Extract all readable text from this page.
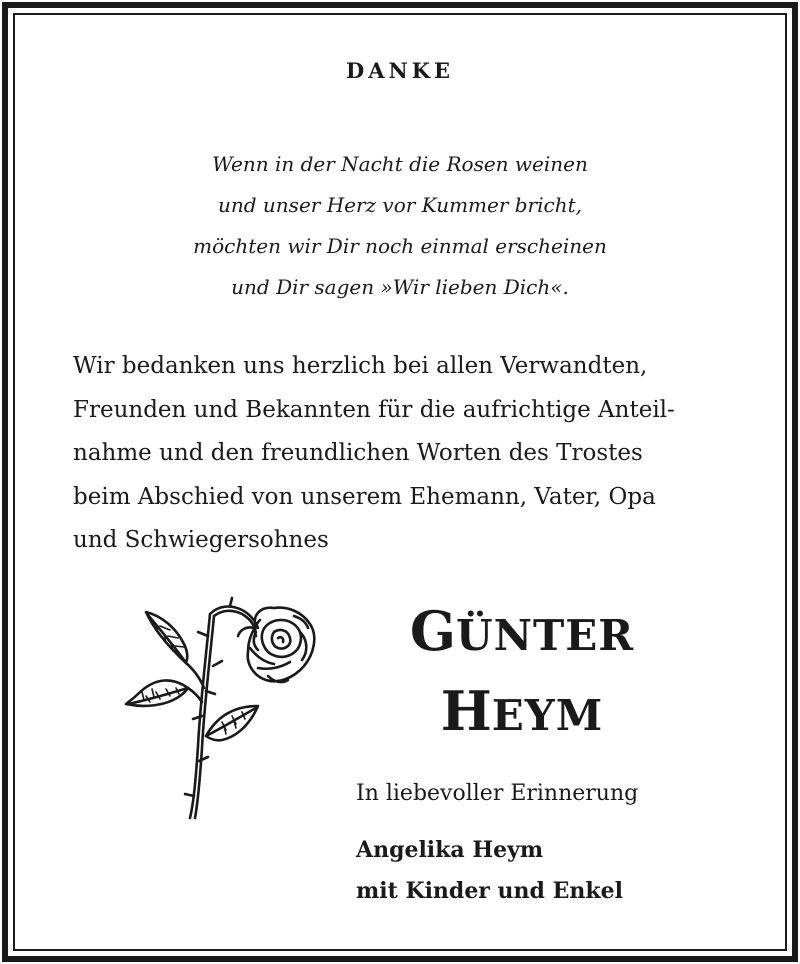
DANKE
Wenn in der Nacht die Rosen weinen
und unser Herz vor Kummer bricht,
möchten wir Dir noch einmal erscheinen
und Dir sagen »Wir lieben Dich«.
Wir bedanken uns herzlich bei allen Verwandten,
Freunden und Bekannten für die aufrichtige Anteil-
nahme und den freundlichen Worten des Trostes
beim Abschied von unserem Ehemann, Vater, Opa
und Schwiegersohnes
GÜNTER
HEYM
In liebevoller Erinnerung
Angelika Heym
mit Kinder und Enkel
